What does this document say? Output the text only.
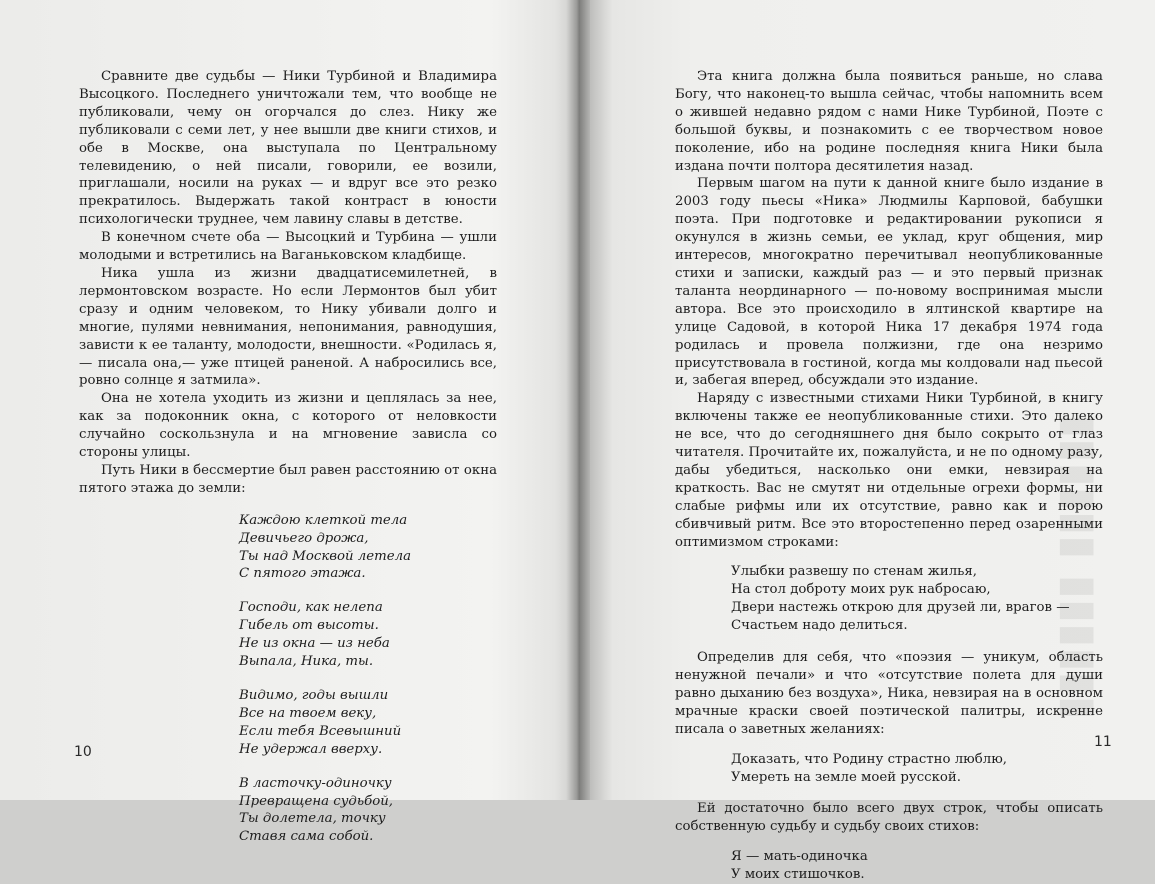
Сравните две судьбы — Ники Турбиной и Владимира Высоцкого. Последнего уничтожали тем, что вообще не публиковали, чему он огорчался до слез. Нику же публиковали с семи лет, у нее вышли две книги стихов, и обе в Москве, она выступала по Центральному телевидению, о ней писали, говорили, ее возили, приглашали, носили на руках — и вдруг все это резко прекратилось. Выдержать такой контраст в юности психологически труднее, чем лавину славы в детстве.

В конечном счете оба — Высоцкий и Турбина — ушли молодыми и встретились на Ваганьковском кладбище.

Ника ушла из жизни двадцатисемилетней, в лермонтовском возрасте. Но если Лермонтов был убит сразу и одним человеком, то Нику убивали долго и многие, пулями невнимания, непонимания, равнодушия, зависти к ее таланту, молодости, внешности. «Родилась я,— писала она,— уже птицей раненой. А набросились все, ровно солнце я затмила».

Она не хотела уходить из жизни и цеплялась за нее, как за подоконник окна, с которого от неловкости случайно соскользнула и на мгновение зависла со стороны улицы.

Путь Ники в бессмертие был равен расстоянию от окна пятого этажа до земли:

Каждою клеткой тела
Девичьего дрожа,
Ты над Москвой летела
С пятого этажа.
Господи, как нелепа
Гибель от высоты.
Не из окна — из неба
Выпала, Ника, ты.
Видимо, годы вышли
Все на твоем веку,
Если тебя Всевышний
Не удержал вверху.
В ласточку-одиночку
Превращена судьбой,
Ты долетела, точку
Ставя сама собой.
10
▮▮▮▮▮▮ ▮▮▮▮▮▮

Эта книга должна была появиться раньше, но слава Богу, что наконец-то вышла сейчас, чтобы напомнить всем о жившей недавно рядом с нами Нике Турбиной, Поэте с большой буквы, и познакомить с ее творчеством новое поколение, ибо на родине последняя книга Ники была издана почти полтора десятилетия назад.

Первым шагом на пути к данной книге было издание в 2003 году пьесы «Ника» Людмилы Карповой, бабушки поэта. При подготовке и редактировании рукописи я окунулся в жизнь семьи, ее уклад, круг общения, мир интересов, многократно перечитывал неопубликованные стихи и записки, каждый раз — и это первый признак таланта неординарного — по-новому воспринимая мысли автора. Все это происходило в ялтинской квартире на улице Садовой, в которой Ника 17 декабря 1974 года родилась и провела полжизни, где она незримо присутствовала в гостиной, когда мы колдовали над пьесой и, забегая вперед, обсуждали это издание.

Наряду с известными стихами Ники Турбиной, в книгу включены также ее неопубликованные стихи. Это далеко не все, что до сегодняшнего дня было сокрыто от глаз читателя. Прочитайте их, пожалуйста, и не по одному разу, дабы убедиться, насколько они емки, невзирая на краткость. Вас не смутят ни отдельные огрехи формы, ни слабые рифмы или их отсутствие, равно как и порою сбивчивый ритм. Все это второстепенно перед озаренными оптимизмом строками:

Улыбки развешу по стенам жилья,
На стол доброту моих рук набросаю,
Двери настежь открою для друзей ли, врагов —
Счастьем надо делиться.

Определив для себя, что «поэзия — уникум, область ненужной печали» и что «отсутствие полета для души равно дыханию без воздуха», Ника, невзирая на в основном мрачные краски своей поэтической палитры, искренне писала о заветных желаниях:

Доказать, что Родину страстно люблю,
Умереть на земле моей русской.

Ей достаточно было всего двух строк, чтобы описать собственную судьбу и судьбу своих стихов:

Я — мать-одиночка
У моих стишочков.
11
